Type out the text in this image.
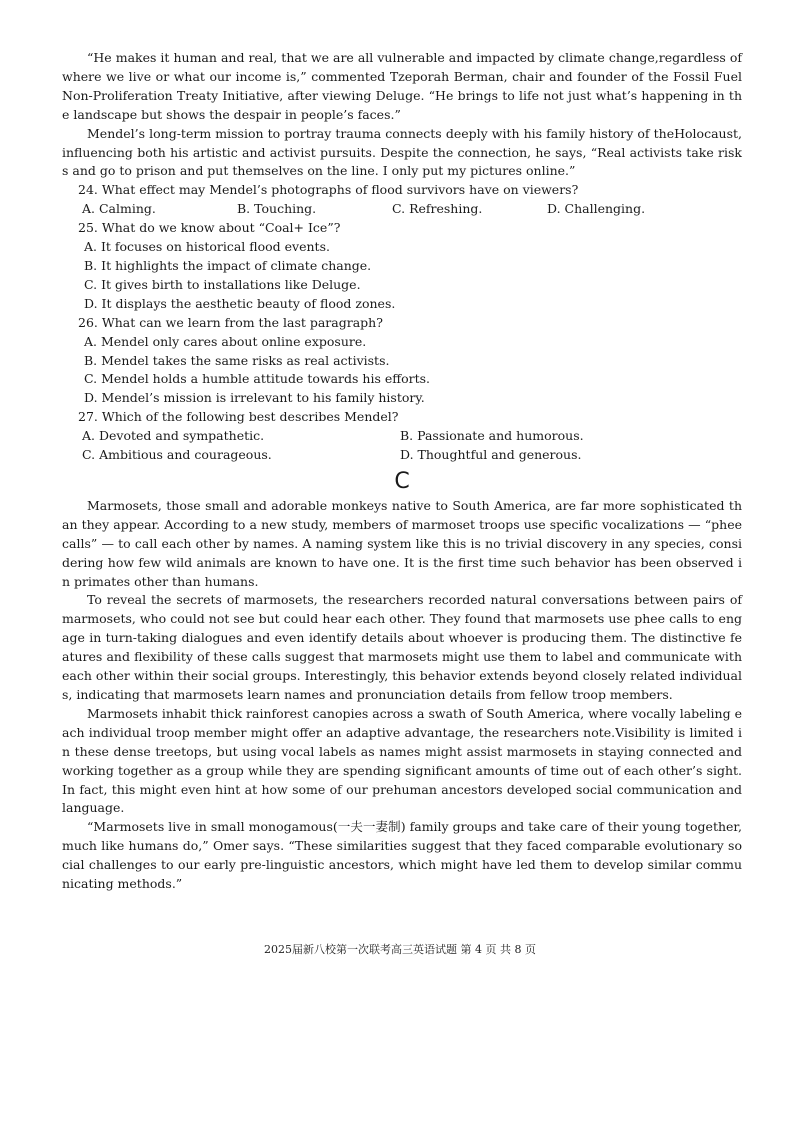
“He makes it human and real, that we are all vulnerable and impacted by climate change,regardless of where we live or what our income is,” commented Tzeporah Berman, chair and founder of the Fossil Fuel Non-Proliferation Treaty Initiative, after viewing Deluge. “He brings to life not just what’s happening in the landscape but shows the despair in people’s faces.”

Mendel’s long-term mission to portray trauma connects deeply with his family history of theHolocaust, influencing both his artistic and activist pursuits. Despite the connection, he says, “Real activists take risks and go to prison and put themselves on the line. I only put my pictures online.”

24. What effect may Mendel’s photographs of flood survivors have on viewers?

A. Calming.	B. Touching.	C. Refreshing.	D. Challenging.

25. What do we know about “Coal+ Ice”?

A. It focuses on historical flood events.

B. It highlights the impact of climate change.

C. It gives birth to installations like Deluge.

D. It displays the aesthetic beauty of flood zones.

26. What can we learn from the last paragraph?

A. Mendel only cares about online exposure.

B. Mendel takes the same risks as real activists.

C. Mendel holds a humble attitude towards his efforts.

D. Mendel’s mission is irrelevant to his family history.

27. Which of the following best describes Mendel?

A. Devoted and sympathetic.	B. Passionate and humorous.
C. Ambitious and courageous.	D. Thoughtful and generous.
C

Marmosets, those small and adorable monkeys native to South America, are far more sophisticated than they appear. According to a new study, members of marmoset troops use specific vocalizations — “phee calls” — to call each other by names. A naming system like this is no trivial discovery in any species, considering how few wild animals are known to have one. It is the first time such behavior has been observed in primates other than humans.

To reveal the secrets of marmosets, the researchers recorded natural conversations between pairs of marmosets, who could not see but could hear each other. They found that marmosets use phee calls to engage in turn-taking dialogues and even identify details about whoever is producing them. The distinctive features and flexibility of these calls suggest that marmosets might use them to label and communicate with each other within their social groups. Interestingly, this behavior extends beyond closely related individuals, indicating that marmosets learn names and pronunciation details from fellow troop members.

Marmosets inhabit thick rainforest canopies across a swath of South America, where vocally labeling each individual troop member might offer an adaptive advantage, the researchers note.Visibility is limited in these dense treetops, but using vocal labels as names might assist marmosets in staying connected and working together as a group while they are spending significant amounts of time out of each other’s sight. In fact, this might even hint at how some of our prehuman ancestors developed social communication and language.

“Marmosets live in small monogamous(一夫一妻制) family groups and take care of their young together, much like humans do,” Omer says. “These similarities suggest that they faced comparable evolutionary social challenges to our early pre-linguistic ancestors, which might have led them to develop similar communicating methods.”

2025届新八校第一次联考高三英语试题 第 4 页 共 8 页
